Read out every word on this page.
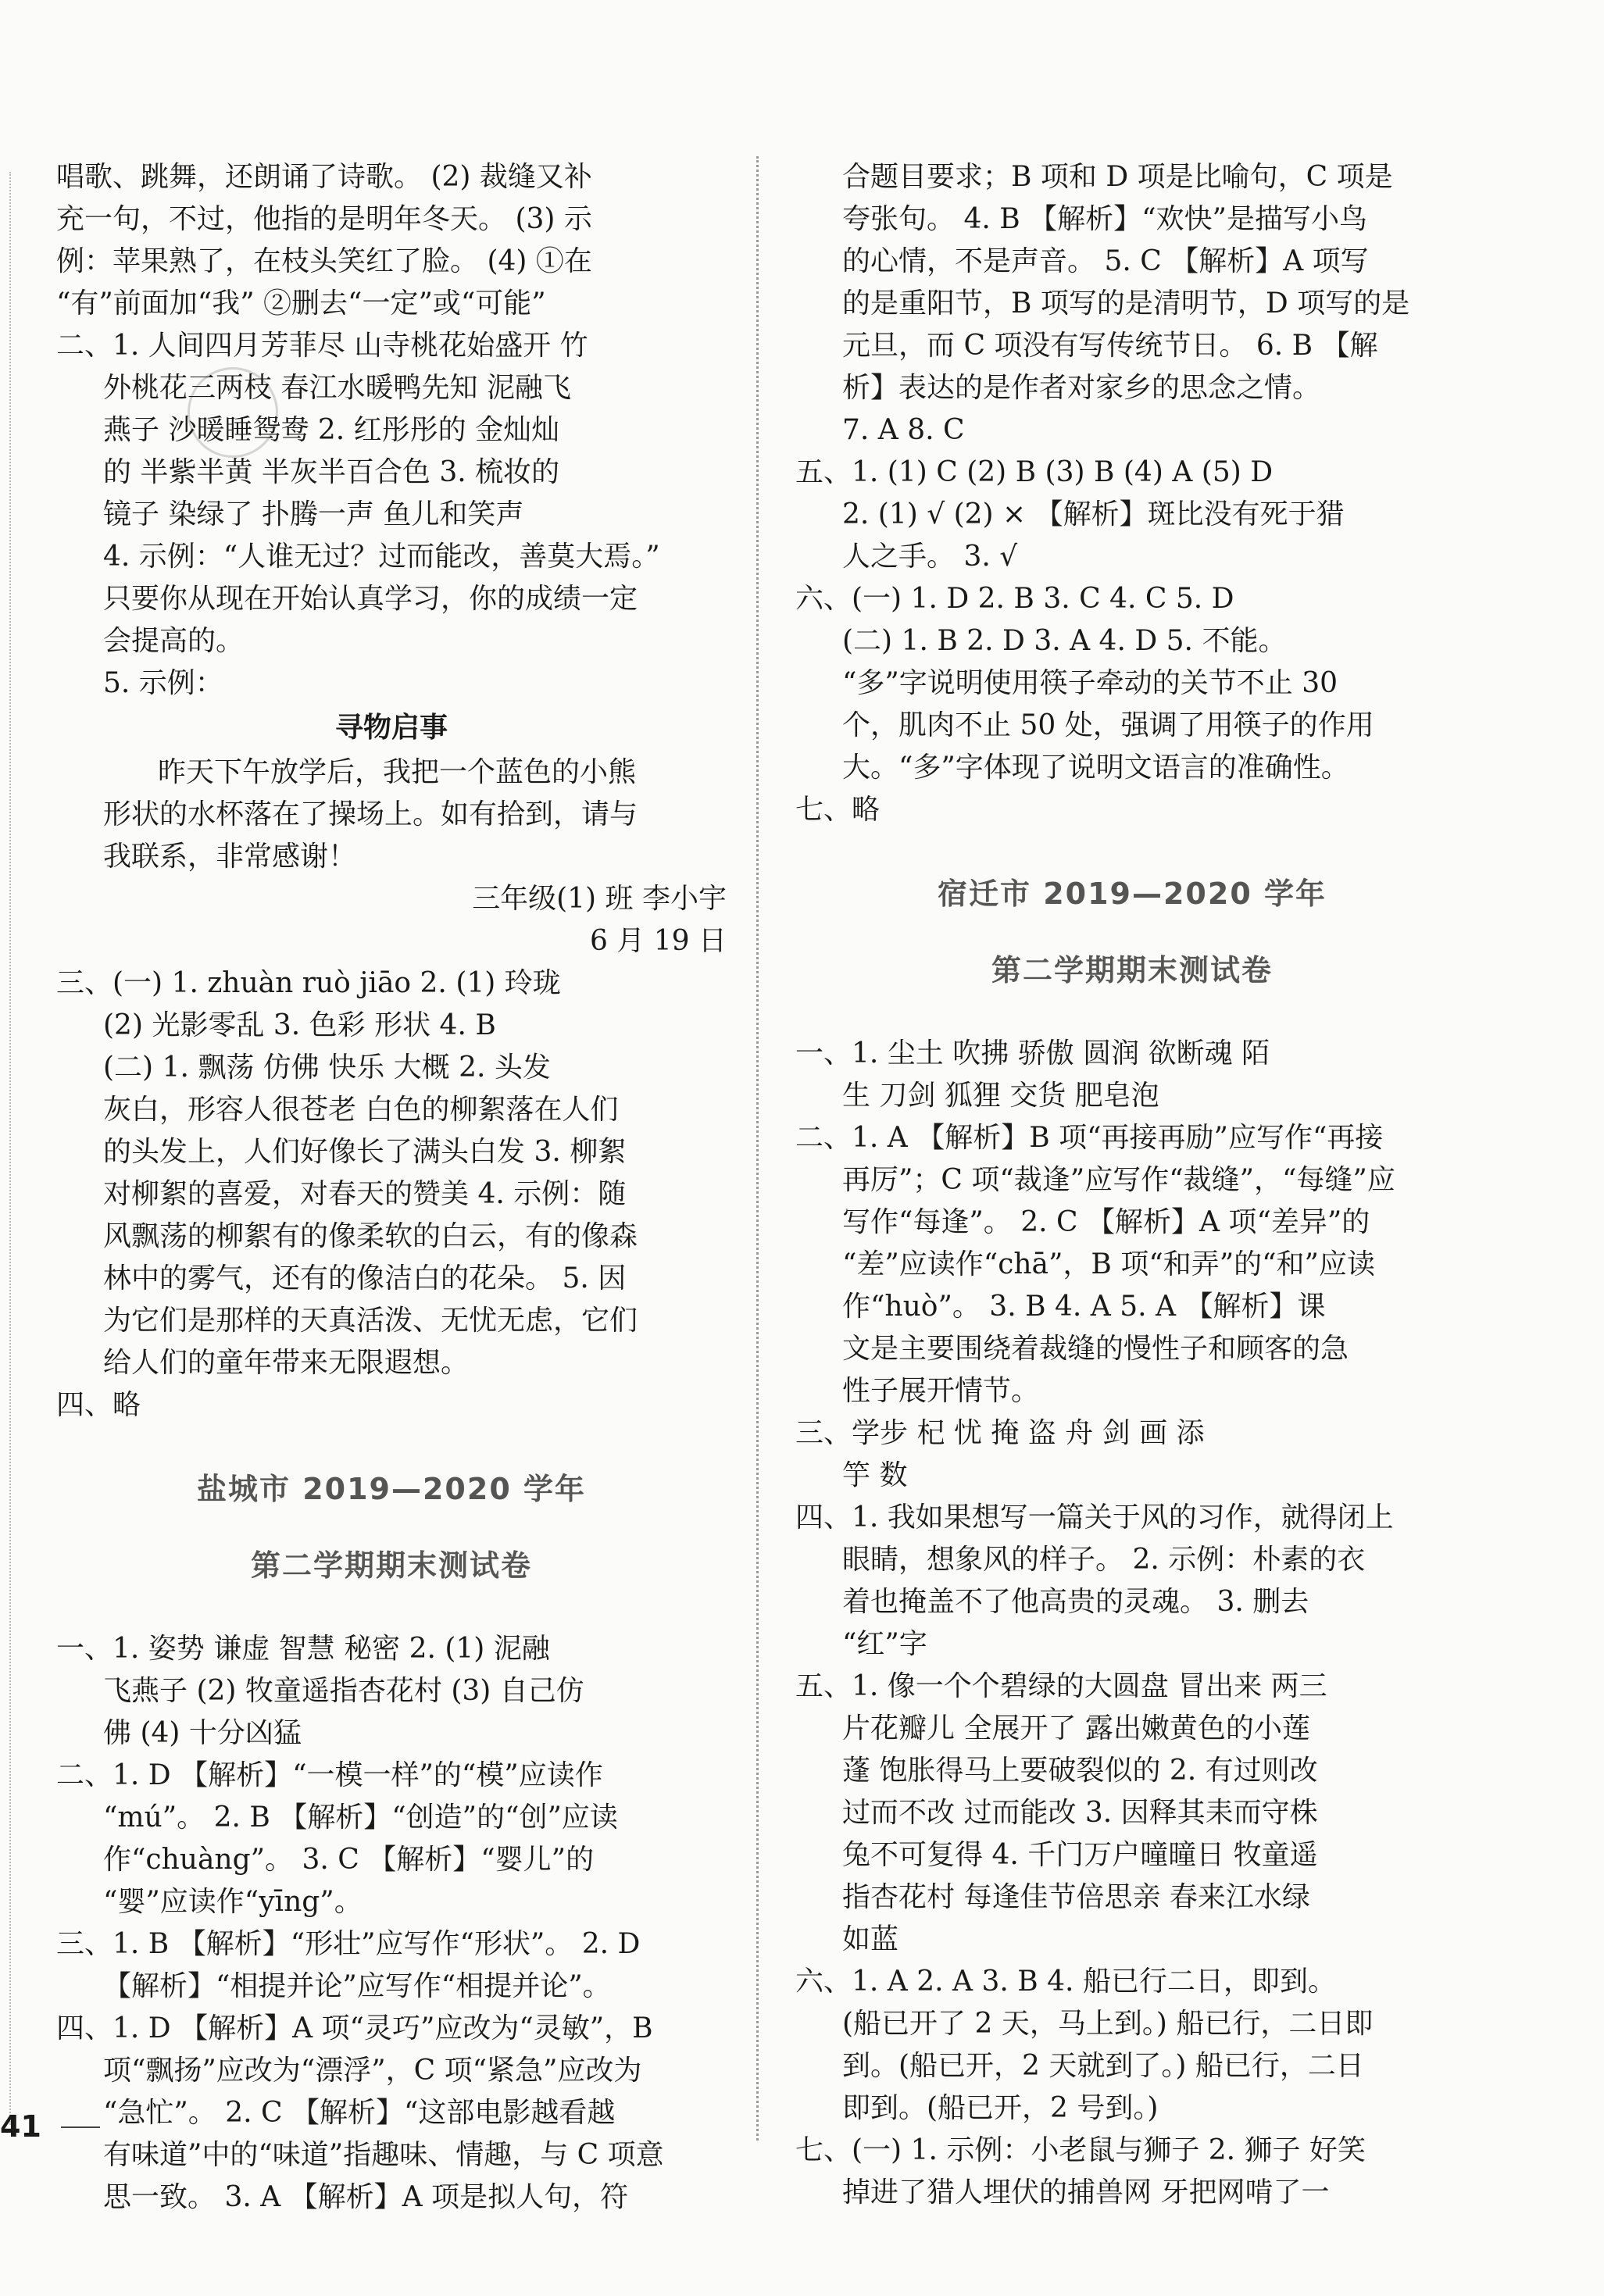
唱歌、跳舞，还朗诵了诗歌。 (2) 裁缝又补

充一句，不过，他指的是明年冬天。 (3) 示

例：苹果熟了，在枝头笑红了脸。 (4) ①在

“有”前面加“我” ②删去“一定”或“可能”

二、1. 人间四月芳菲尽 山寺桃花始盛开 竹

外桃花三两枝 春江水暖鸭先知 泥融飞

燕子 沙暖睡鸳鸯 2. 红彤彤的 金灿灿

的 半紫半黄 半灰半百合色 3. 梳妆的

镜子 染绿了 扑腾一声 鱼儿和笑声

4. 示例：“人谁无过？过而能改，善莫大焉。”

只要你从现在开始认真学习，你的成绩一定

会提高的。

5. 示例：

寻物启事

昨天下午放学后，我把一个蓝色的小熊

形状的水杯落在了操场上。如有拾到，请与

我联系，非常感谢！

三年级(1) 班 李小宇

6 月 19 日

三、(一) 1. zhuàn ruò jiāo 2. (1) 玲珑

(2) 光影零乱 3. 色彩 形状 4. B

(二) 1. 飘荡 仿佛 快乐 大概 2. 头发

灰白，形容人很苍老 白色的柳絮落在人们

的头发上，人们好像长了满头白发 3. 柳絮

对柳絮的喜爱，对春天的赞美 4. 示例：随

风飘荡的柳絮有的像柔软的白云，有的像森

林中的雾气，还有的像洁白的花朵。 5. 因

为它们是那样的天真活泼、无忧无虑，它们

给人们的童年带来无限遐想。

四、略

盐城市 2019—2020 学年

第二学期期末测试卷

一、1. 姿势 谦虚 智慧 秘密 2. (1) 泥融

飞燕子 (2) 牧童遥指杏花村 (3) 自己仿

佛 (4) 十分凶猛

二、1. D 【解析】“一模一样”的“模”应读作

“mú”。 2. B 【解析】“创造”的“创”应读

作“chuàng”。 3. C 【解析】“婴儿”的

“婴”应读作“yīng”。

三、1. B 【解析】“形壮”应写作“形状”。 2. D

【解析】“相提并论”应写作“相提并论”。

四、1. D 【解析】A 项“灵巧”应改为“灵敏”，B

项“飘扬”应改为“漂浮”，C 项“紧急”应改为

“急忙”。 2. C 【解析】“这部电影越看越

有味道”中的“味道”指趣味、情趣，与 C 项意

思一致。 3. A 【解析】A 项是拟人句，符

合题目要求；B 项和 D 项是比喻句，C 项是

夸张句。 4. B 【解析】“欢快”是描写小鸟

的心情，不是声音。 5. C 【解析】A 项写

的是重阳节，B 项写的是清明节，D 项写的是

元旦，而 C 项没有写传统节日。 6. B 【解

析】表达的是作者对家乡的思念之情。

7. A 8. C

五、1. (1) C (2) B (3) B (4) A (5) D

2. (1) √ (2) × 【解析】斑比没有死于猎

人之手。 3. √

六、(一) 1. D 2. B 3. C 4. C 5. D

(二) 1. B 2. D 3. A 4. D 5. 不能。

“多”字说明使用筷子牵动的关节不止 30

个，肌肉不止 50 处，强调了用筷子的作用

大。“多”字体现了说明文语言的准确性。

七、略

宿迁市 2019—2020 学年

第二学期期末测试卷

一、1. 尘土 吹拂 骄傲 圆润 欲断魂 陌

生 刀剑 狐狸 交货 肥皂泡

二、1. A 【解析】B 项“再接再励”应写作“再接

再厉”；C 项“裁逢”应写作“裁缝”，“每缝”应

写作“每逢”。 2. C 【解析】A 项“差异”的

“差”应读作“chā”，B 项“和弄”的“和”应读

作“huò”。 3. B 4. A 5. A 【解析】课

文是主要围绕着裁缝的慢性子和顾客的急

性子展开情节。

三、学步 杞 忧 掩 盗 舟 剑 画 添

竽 数

四、1. 我如果想写一篇关于风的习作，就得闭上

眼睛，想象风的样子。 2. 示例：朴素的衣

着也掩盖不了他高贵的灵魂。 3. 删去

“红”字

五、1. 像一个个碧绿的大圆盘 冒出来 两三

片花瓣儿 全展开了 露出嫩黄色的小莲

蓬 饱胀得马上要破裂似的 2. 有过则改

过而不改 过而能改 3. 因释其耒而守株

兔不可复得 4. 千门万户曈曈日 牧童遥

指杏花村 每逢佳节倍思亲 春来江水绿

如蓝

六、1. A 2. A 3. B 4. 船已行二日，即到。

(船已开了 2 天，马上到。) 船已行，二日即

到。(船已开，2 天就到了。) 船已行，二日

即到。(船已开，2 号到。)

七、(一) 1. 示例：小老鼠与狮子 2. 狮子 好笑

掉进了猎人埋伏的捕兽网 牙把网啃了一

41
